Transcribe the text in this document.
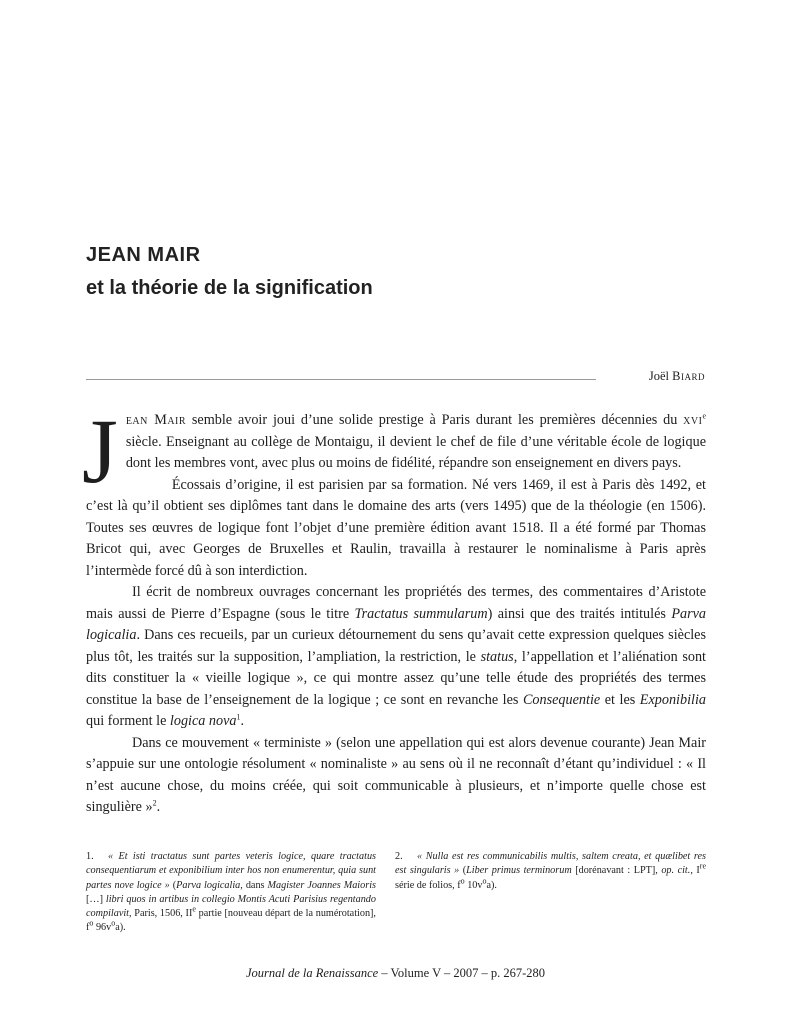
JEAN MAIR
et la théorie de la signification
Joël Biard

Jean Mair semble avoir joui d’une solide prestige à Paris durant les premières décennies du xvi$^e$ siècle. Enseignant au collège de Montaigu, il devient le chef de file d’une véritable école de logique dont les membres vont, avec plus ou moins de fidélité, répandre son enseignement en divers pays.

Écossais d’origine, il est parisien par sa formation. Né vers 1469, il est à Paris dès 1492, et c’est là qu’il obtient ses diplômes tant dans le domaine des arts (vers 1495) que de la théologie (en 1506). Toutes ses œuvres de logique font l’objet d’une première édition avant 1518. Il a été formé par Thomas Bricot qui, avec Georges de Bruxelles et Raulin, travailla à restaurer le nominalisme à Paris après l’intermède forcé dû à son interdiction.

Il écrit de nombreux ouvrages concernant les propriétés des termes, des commentaires d’Aristote mais aussi de Pierre d’Espagne (sous le titre Tractatus summularum) ainsi que des traités intitulés Parva logicalia. Dans ces recueils, par un curieux détournement du sens qu’avait cette expression quelques siècles plus tôt, les traités sur la supposition, l’ampliation, la restriction, le status, l’appellation et l’aliénation sont dits constituer la « vieille logique », ce qui montre assez qu’une telle étude des propriétés des termes constitue la base de l’enseignement de la logique ; ce sont en revanche les Consequentie et les Exponibilia qui forment le logica nova$^1$.

Dans ce mouvement « terministe » (selon une appellation qui est alors devenue courante) Jean Mair s’appuie sur une ontologie résolument « nominaliste » au sens où il ne reconnaît d’étant qu’individuel : « Il n’est aucune chose, du moins créée, qui soit communicable à plusieurs, et n’importe quelle chose est singulière »$^2$.

1. « Et isti tractatus sunt partes veteris logice, quare tractatus consequentiarum et exponibilium inter hos non enumerentur, quia sunt partes nove logice » (Parva logicalia, dans Magister Joannes Maioris […] libri quos in artibus in collegio Montis Acuti Parisius regentando compilavit, Paris, 1506, IIe partie [nouveau départ de la numérotation], $f^o$ $96v^oa$).
2. « Nulla est res communicabilis multis, saltem creata, et quælibet res est singularis » (Liber primus terminorum [dorénavant : LPT], op. cit., Ire série de folios, $f^o$ $10v^oa$).
Journal de la Renaissance – Volume V – 2007 – p. 267-280
